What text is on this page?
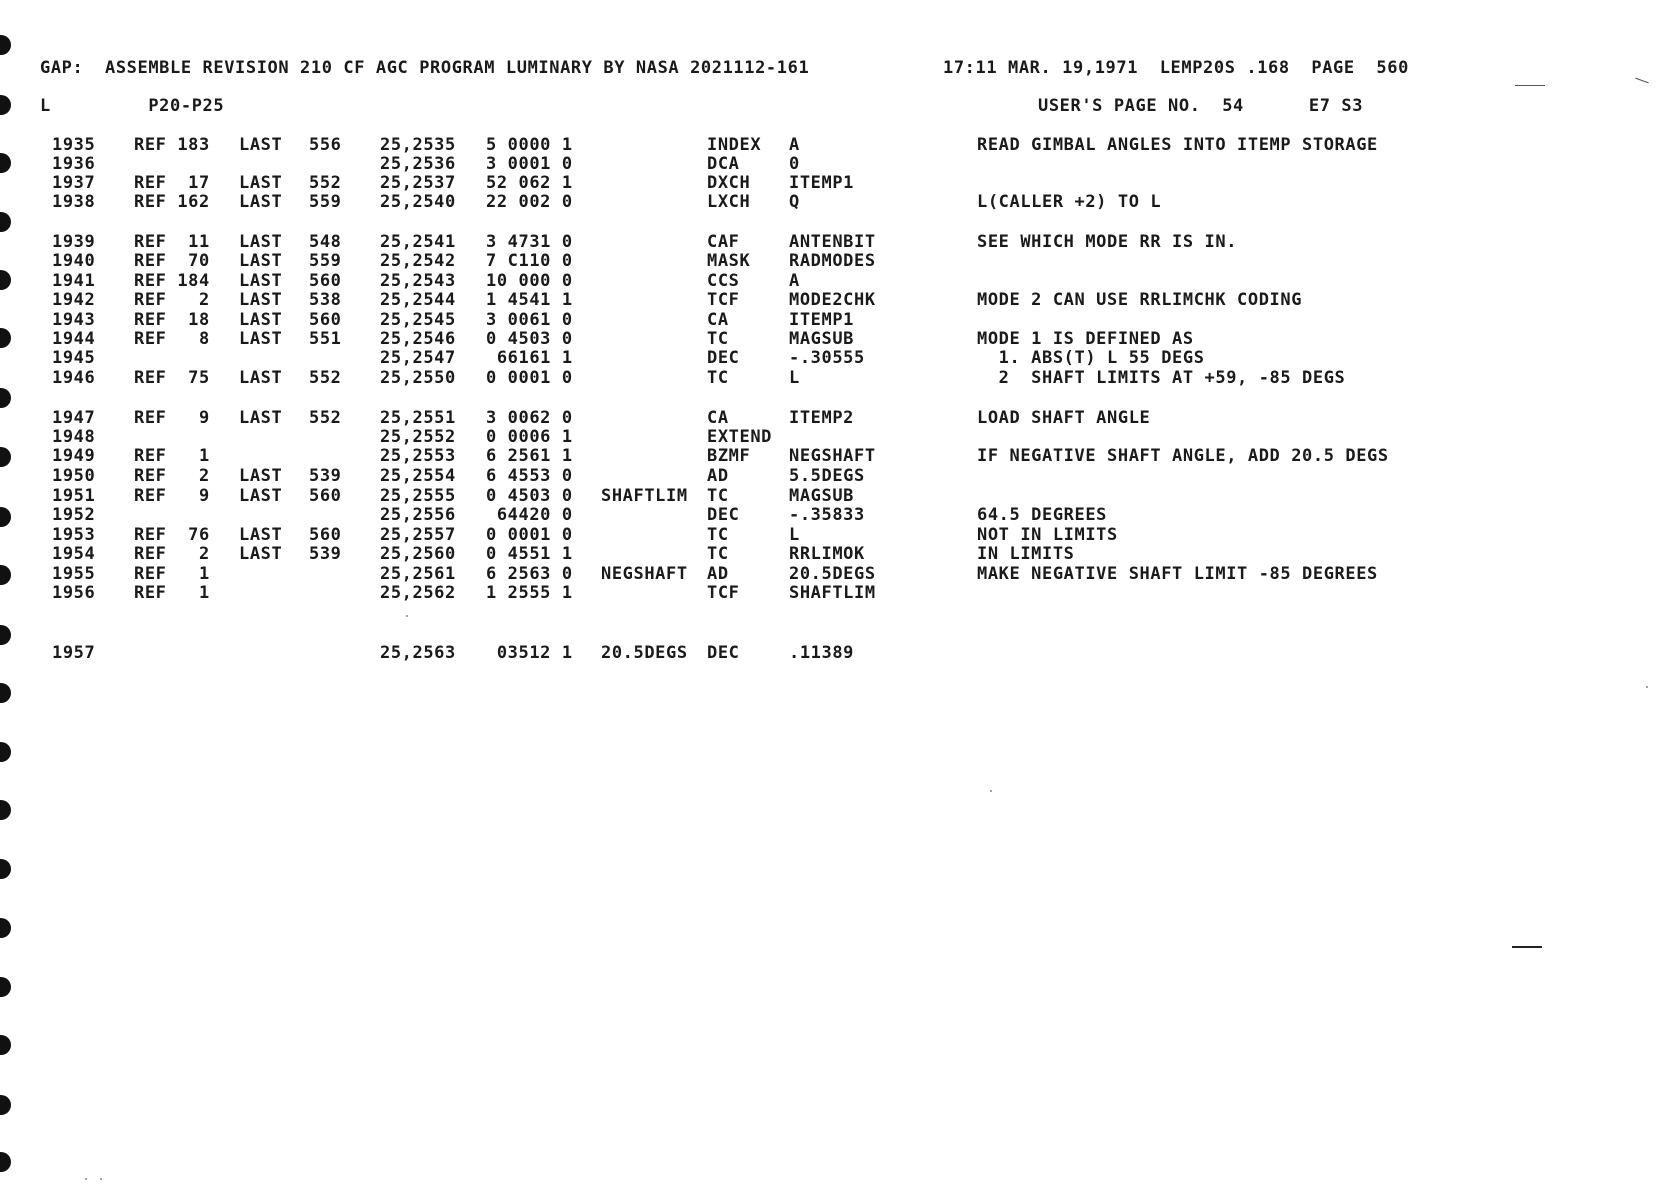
GAP:  ASSEMBLE REVISION 210 CF AGC PROGRAM LUMINARY BY NASA 2021112-161	17:11 MAR. 19,1971  LEMP20S .168  PAGE  560
L         P20-P25	USER'S PAGE NO.  54      E7 S3
1935 REF 183 LAST 556 25,2535 5 0000 1	INDEX A	READ GIMBAL ANGLES INTO ITEMP STORAGE
1936	25,2536 3 0001 0	DCA	0
1937 REF  17 LAST 552 25,2537 52 062 1	DXCH ITEMP1
1938 REF 162 LAST 559 25,2540 22 002 0	LXCH Q	L(CALLER +2) TO L
1939 REF  11 LAST 548 25,2541 3 4731 0	CAF	ANTENBIT	SEE WHICH MODE RR IS IN.
1940 REF  70 LAST 559 25,2542 7 C110 0	MASK RADMODES
1941 REF 184 LAST 560 25,2543 10 000 0	CCS	A
1942 REF   2 LAST 538 25,2544 1 4541 1	TCF	MODE2CHK	MODE 2 CAN USE RRLIMCHK CODING
1943 REF  18 LAST 560 25,2545 3 0061 0	CA	ITEMP1
1944 REF   8 LAST 551 25,2546 0 4503 0	TC	MAGSUB	MODE 1 IS DEFINED AS
1945	25,2547 66161 1	DEC	-.30555	1. ABS(T) L 55 DEGS
1946 REF  75 LAST 552 25,2550 0 0001 0	TC	L	2  SHAFT LIMITS AT +59, -85 DEGS
1947 REF   9 LAST 552 25,2551 3 0062 0	CA	ITEMP2	LOAD SHAFT ANGLE
1948	25,2552 0 0006 1	EXTEND
1949 REF   1	25,2553 6 2561 1	BZMF NEGSHAFT	IF NEGATIVE SHAFT ANGLE, ADD 20.5 DEGS
1950 REF   2 LAST 539 25,2554 6 4553 0	AD	5.5DEGS
1951 REF   9 LAST 560 25,2555 0 4503 0 SHAFTLIM TC	MAGSUB
1952	25,2556 64420 0	DEC	-.35833	64.5 DEGREES
1953 REF  76 LAST 560 25,2557 0 0001 0	TC	L	NOT IN LIMITS
1954 REF   2 LAST 539 25,2560 0 4551 1	TC	RRLIMOK	IN LIMITS
1955 REF   1	25,2561 6 2563 0 NEGSHAFT AD	20.5DEGS	MAKE NEGATIVE SHAFT LIMIT -85 DEGREES
1956 REF   1	25,2562 1 2555 1	TCF	SHAFTLIM
1957	25,2563 03512 1 20.5DEGS DEC	.11389
